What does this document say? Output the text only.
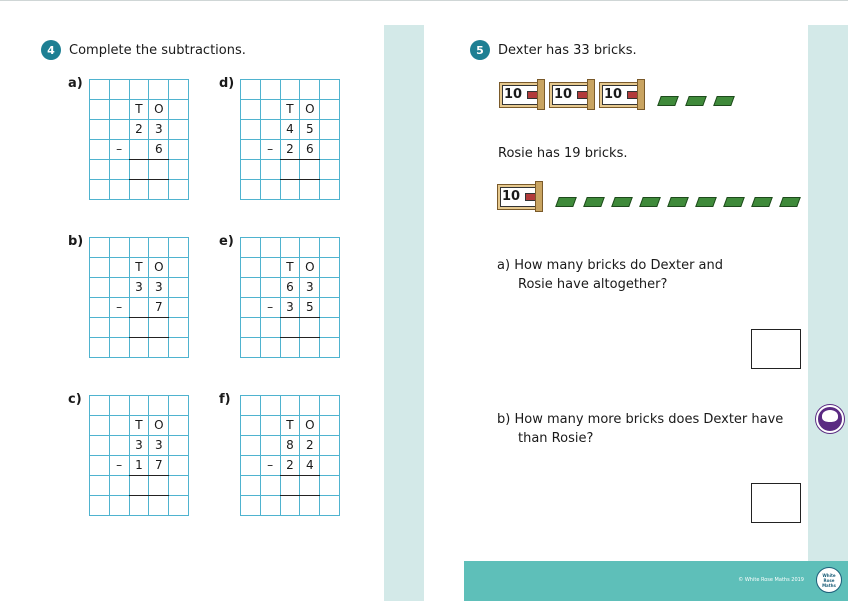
4	Complete the subtractions.
a)

		T	O	
		2	3	
	–		6	

b)

		T	O	
		3	3	
	–		7	

c)

		T	O	
		3	3	
	–	1	7	

d)

		T	O	
		4	5	
	–	2	6	

e)

		T	O	
		6	3	
	–	3	5	

f)

		T	O	
		8	2	
	–	2	4	

5	Dexter has 33 bricks.
10	10	10
Rosie has 19 bricks.
10
a) How many bricks do Dexter and
Rosie have altogether?
b) How many more bricks does Dexter have
than Rosie?
© White Rose Maths 2019
White Rose Maths
